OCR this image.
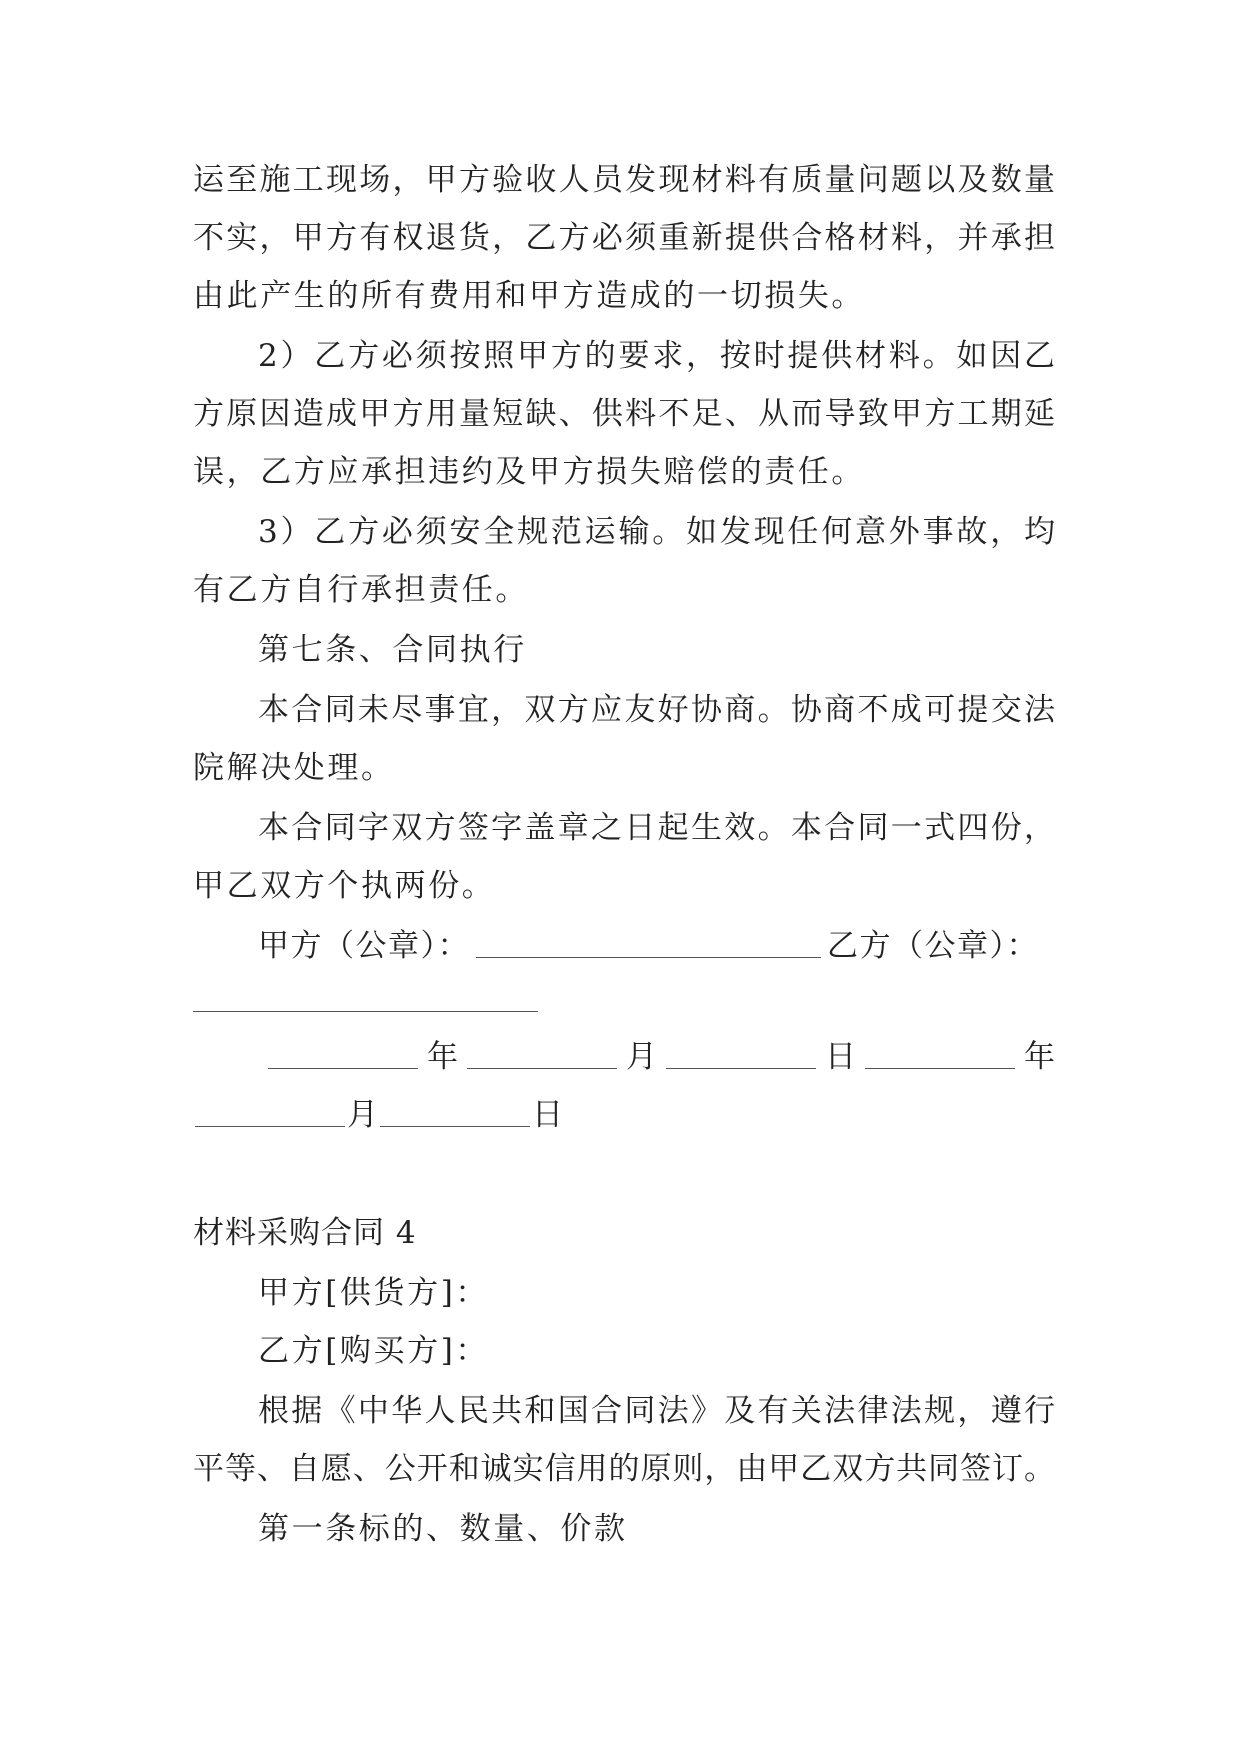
运至施工现场，甲方验收人员发现材料有质量问题以及数量
不实，甲方有权退货，乙方必须重新提供合格材料，并承担
由此产生的所有费用和甲方造成的一切损失。
2）乙方必须按照甲方的要求，按时提供材料。如因乙
方原因造成甲方用量短缺、供料不足、从而导致甲方工期延
误，乙方应承担违约及甲方损失赔偿的责任。
3）乙方必须安全规范运输。如发现任何意外事故，均
有乙方自行承担责任。
第七条、合同执行
本合同未尽事宜，双方应友好协商。协商不成可提交法
院解决处理。
本合同字双方签字盖章之日起生效。本合同一式四份，
甲乙双方个执两份。
甲方（公章）：	乙方（公章）：
年	月	日	年
月	日
材料采购合同 4
甲方[供货方]：
乙方[购买方]：
根据《中华人民共和国合同法》及有关法律法规，遵行
平等、自愿、公开和诚实信用的原则，由甲乙双方共同签订。
第一条标的、数量、价款
